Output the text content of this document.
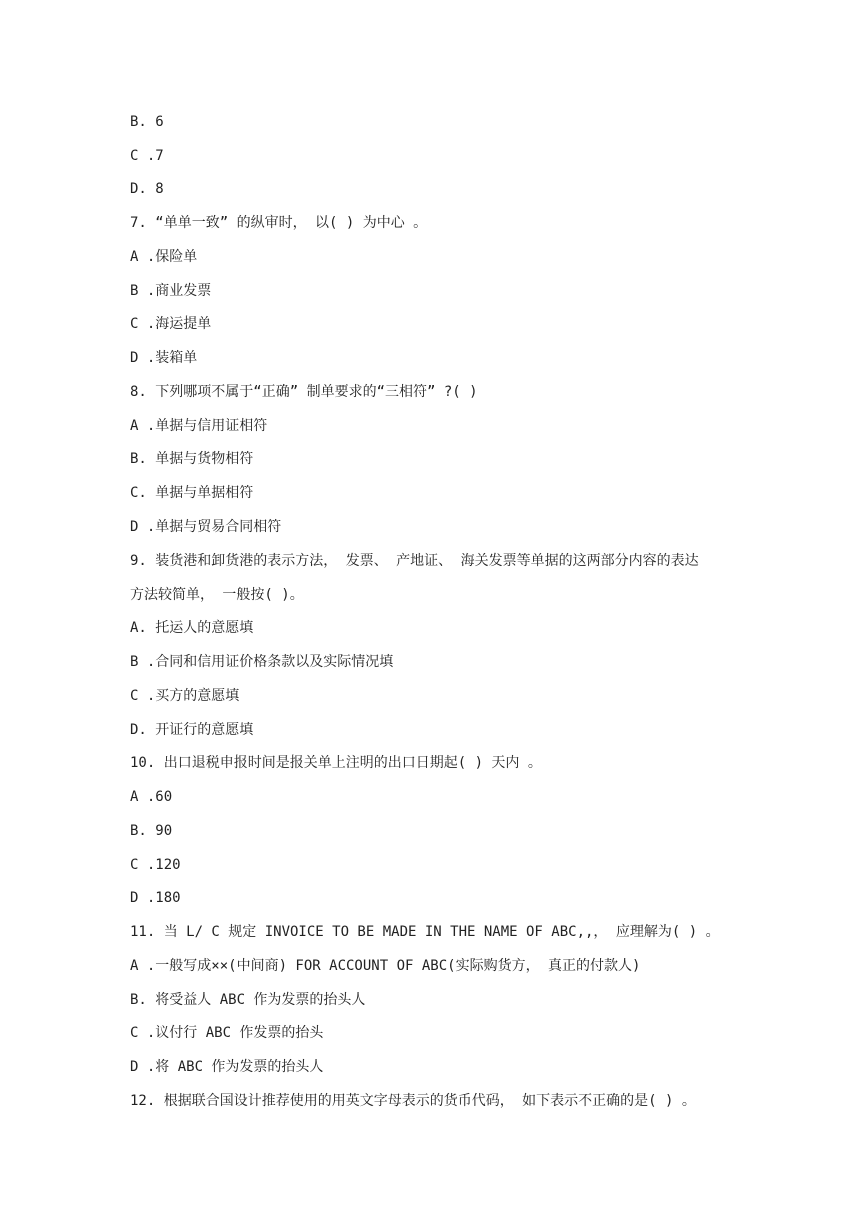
B. 6
C .7
D. 8
7. “单单一致” 的纵审时， 以( ) 为中心 。
A .保险单
B .商业发票
C .海运提单
D .装箱单
8. 下列哪项不属于“正确” 制单要求的“三相符” ?( )
A .单据与信用证相符
B. 单据与货物相符
C. 单据与单据相符
D .单据与贸易合同相符
9. 装货港和卸货港的表示方法， 发票、 产地证、 海关发票等单据的这两部分内容的表达
方法较简单， 一般按( )。
A. 托运人的意愿填
B .合同和信用证价格条款以及实际情况填
C .买方的意愿填
D. 开证行的意愿填
10. 出口退税申报时间是报关单上注明的出口日期起( ) 天内 。
A .60
B. 90
C .120
D .180
11. 当 L/ C 规定 INVOICE TO BE MADE IN THE NAME OF ABC,,， 应理解为( ) 。
A .一般写成××(中间商) FOR ACCOUNT OF ABC(实际购货方， 真正的付款人)
B. 将受益人 ABC 作为发票的抬头人
C .议付行 ABC 作发票的抬头
D .将 ABC 作为发票的抬头人
12. 根据联合国设计推荐使用的用英文字母表示的货币代码， 如下表示不正确的是( ) 。
